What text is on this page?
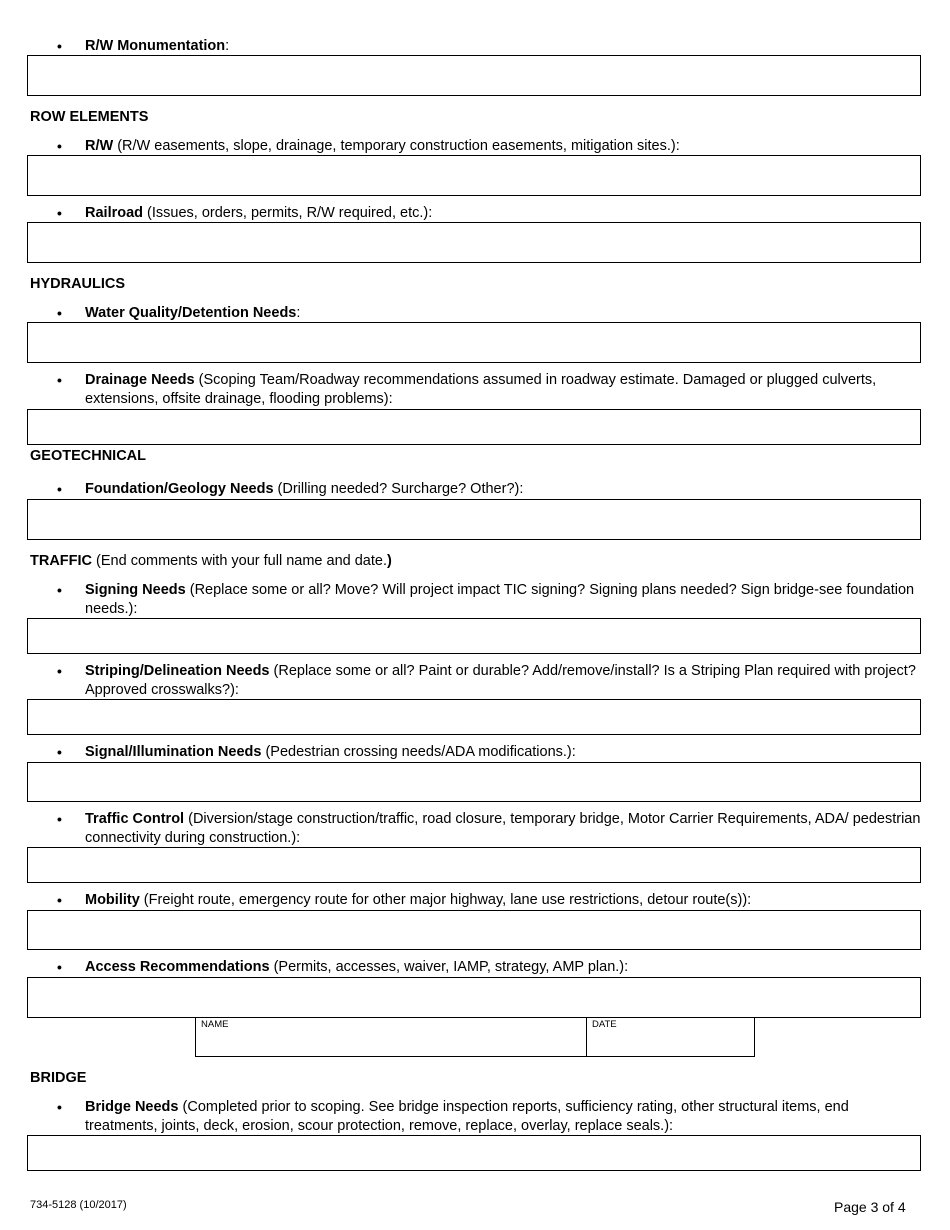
•	R/W Monumentation:
ROW ELEMENTS
•	R/W (R/W easements, slope, drainage, temporary construction easements, mitigation sites.):
•	Railroad (Issues, orders, permits, R/W required, etc.):
HYDRAULICS
•	Water Quality/Detention Needs:
•	Drainage Needs (Scoping Team/Roadway recommendations assumed in roadway estimate. Damaged or plugged culverts, extensions, offsite drainage, flooding problems):
GEOTECHNICAL
•	Foundation/Geology Needs (Drilling needed? Surcharge? Other?):
TRAFFIC (End comments with your full name and date.)
•	Signing Needs (Replace some or all? Move? Will project impact TIC signing? Signing plans needed? Sign bridge-see foundation needs.):
•	Striping/Delineation Needs (Replace some or all? Paint or durable? Add/remove/install? Is a Striping Plan required with project? Approved crosswalks?):
•	Signal/Illumination Needs (Pedestrian crossing needs/ADA modifications.):
•	Traffic Control (Diversion/stage construction/traffic, road closure, temporary bridge, Motor Carrier Requirements, ADA/ pedestrian connectivity during construction.):
•	Mobility (Freight route, emergency route for other major highway, lane use restrictions, detour route(s)):
•	Access Recommendations (Permits, accesses, waiver, IAMP, strategy, AMP plan.):
NAME	DATE
BRIDGE
•	Bridge Needs (Completed prior to scoping. See bridge inspection reports, sufficiency rating, other structural items, end treatments, joints, deck, erosion, scour protection, remove, replace, overlay, replace seals.):
734-5128 (10/2017)	Page 3 of 4
